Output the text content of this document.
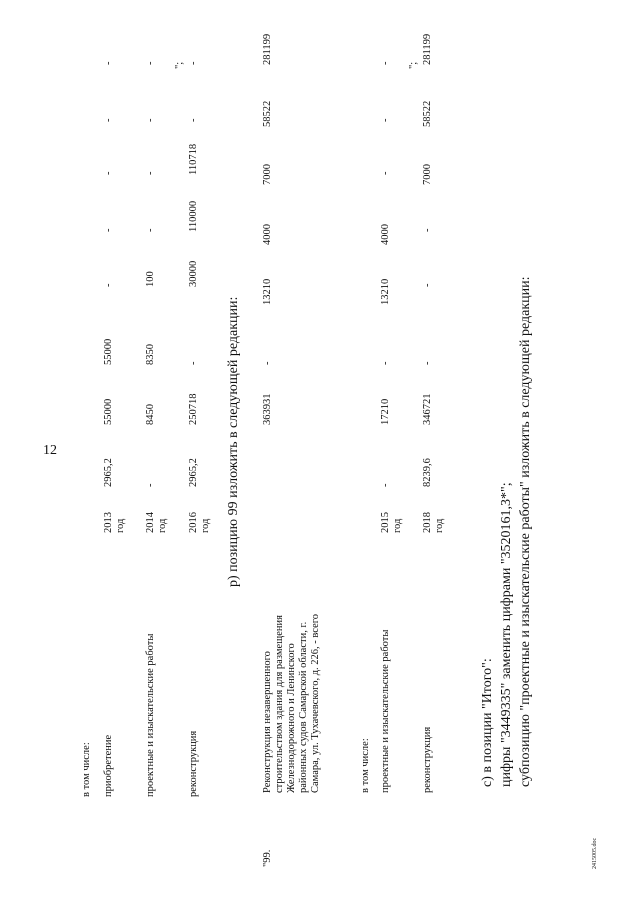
12
в том числе: приобретение
2013 год
2965,2
55000
55000
-
-
-
-
-
проектные и изыскательские работы
2014 год
-
8450
8350
100
-
-
-
-
реконструкция
2016 год
2965,2
250718
-
30000
110000
110718
-
-
";
р) позицию 99 изложить в следующей редакции:
"99.
Реконструкция незавершенного строительством здания для размещения Железнодорожного и Ленинского районных судов Самарской области, г. Самара, ул. Тухачевского, д. 226, - всего
363931
-
13210
4000
7000
58522
281199
в том числе: проектные и изыскательские работы
2015 год
-
17210
-
13210
4000
-
-
-
реконструкция
2018 год
8239,6
346721
-
-
-
7000
58522
281199
";
с) в позиции "Итого": цифры "3449335" заменить цифрами "3520161,3*"; субпозицию "проектные и изыскательские работы" изложить в следующей редакции:
2415005.doc
